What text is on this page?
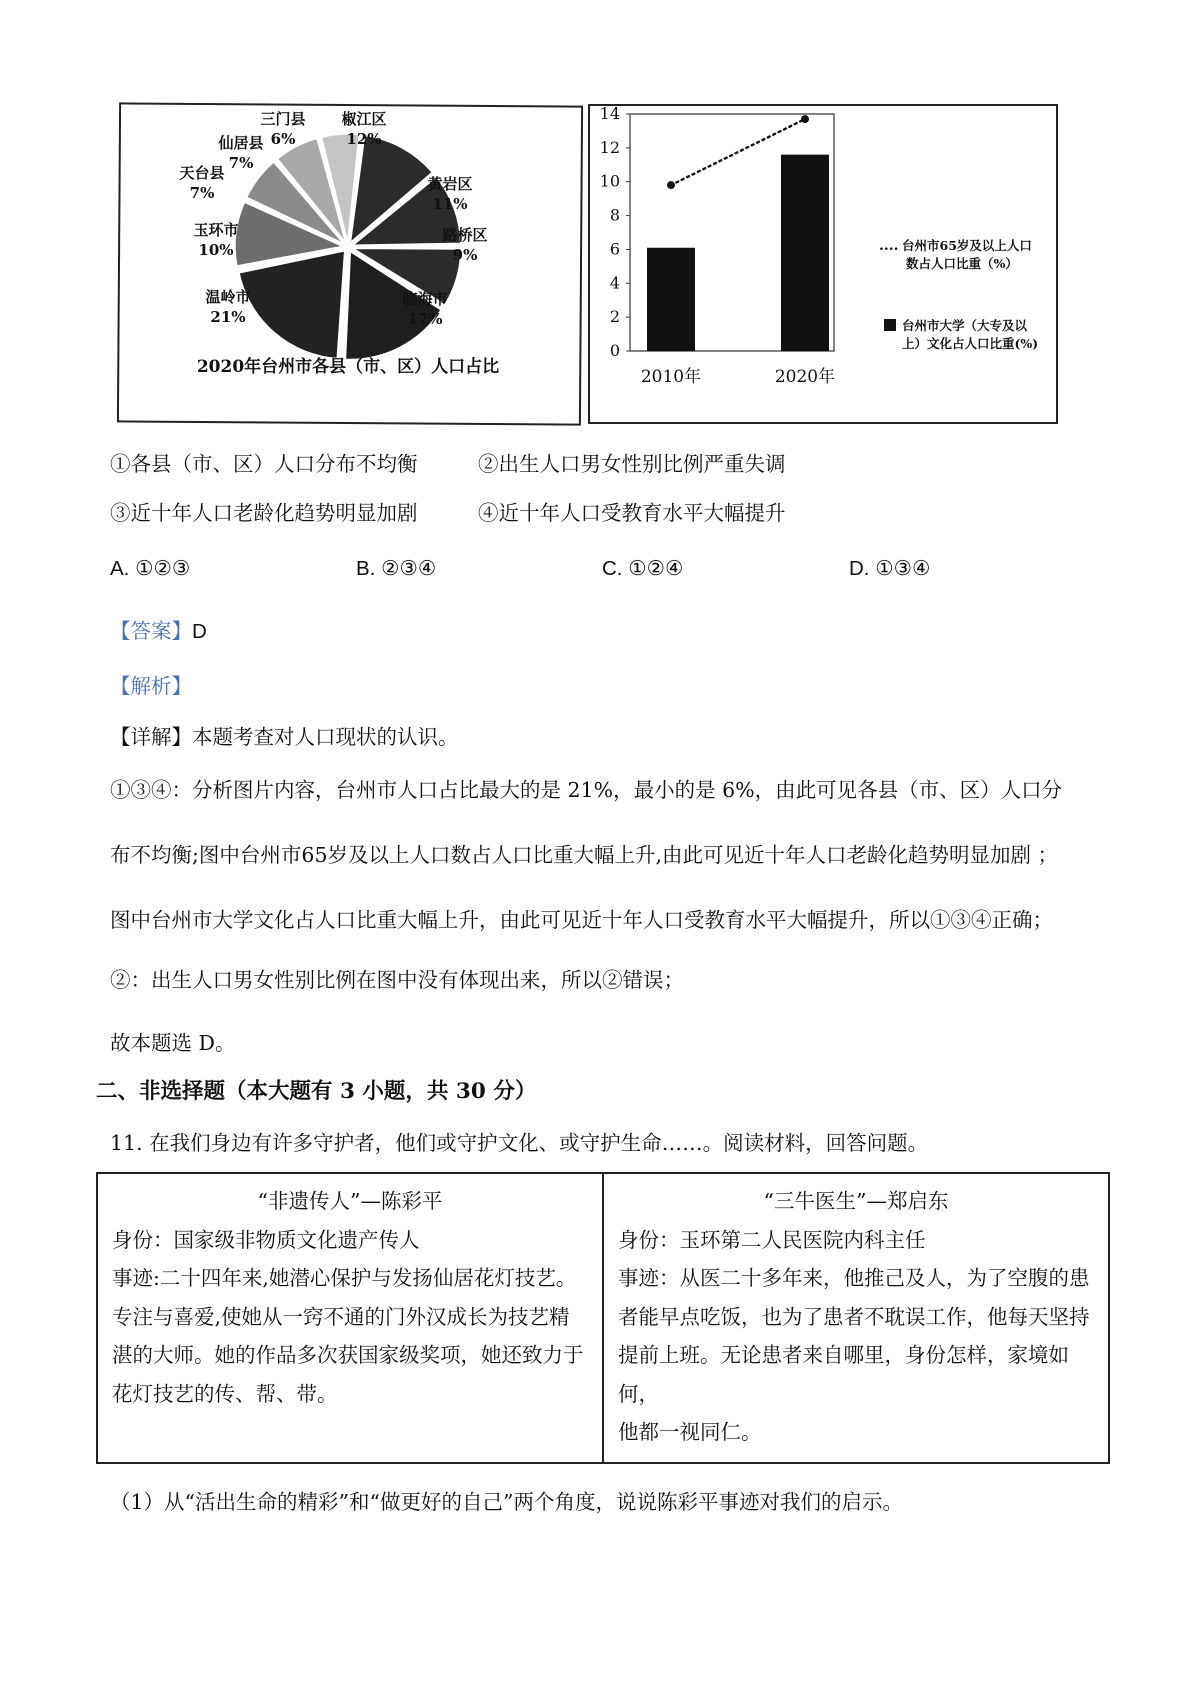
三门县
6%
椒江区
12%
仙居县
7%
天台县
7%	黄岩区
11%
玉环市
10%
路桥区
9%
温岭市
21%
临海市
17%
2020年台州市各县（市、区）人口占比
0
2
4
6
8
10
12
14
2010年	2020年
.... 台州市65岁及以上人口
数占人口比重（%）
台州市大学（大专及以
上）文化占人口比重(%)
①各县（市、区）人口分布不均衡	②出生人口男女性别比例严重失调
③近十年人口老龄化趋势明显加剧	④近十年人口受教育水平大幅提升
A. ①②③	B. ②③④	C. ①②④	D. ①③④
【答案】D
【解析】
【详解】本题考查对人口现状的认识。
①③④：分析图片内容，台州市人口占比最大的是 21%，最小的是 6%，由此可见各县（市、区）人口分
布不均衡;图中台州市65岁及以上人口数占人口比重大幅上升,由此可见近十年人口老龄化趋势明显加剧 ；
图中台州市大学文化占人口比重大幅上升，由此可见近十年人口受教育水平大幅提升，所以①③④正确；
②：出生人口男女性别比例在图中没有体现出来，所以②错误；
故本题选 D。
二、非选择题（本大题有 3 小题，共 30 分）
11. 在我们身边有许多守护者，他们或守护文化、或守护生命……。阅读材料，回答问题。
“非遗传人”—陈彩平
身份：国家级非物质文化遗产传人
事迹:二十四年来,她潜心保护与发扬仙居花灯技艺。
专注与喜爱,使她从一窍不通的门外汉成长为技艺精
湛的大师。她的作品多次获国家级奖项，她还致力于
花灯技艺的传、帮、带。

“三牛医生”—郑启东
身份：玉环第二人民医院内科主任
事迹：从医二十多年来，他推己及人，为了空腹的患
者能早点吃饭，也为了患者不耽误工作，他每天坚持
提前上班。无论患者来自哪里，身份怎样，家境如何，
他都一视同仁。
（1）从“活出生命的精彩”和“做更好的自己”两个角度，说说陈彩平事迹对我们的启示。
